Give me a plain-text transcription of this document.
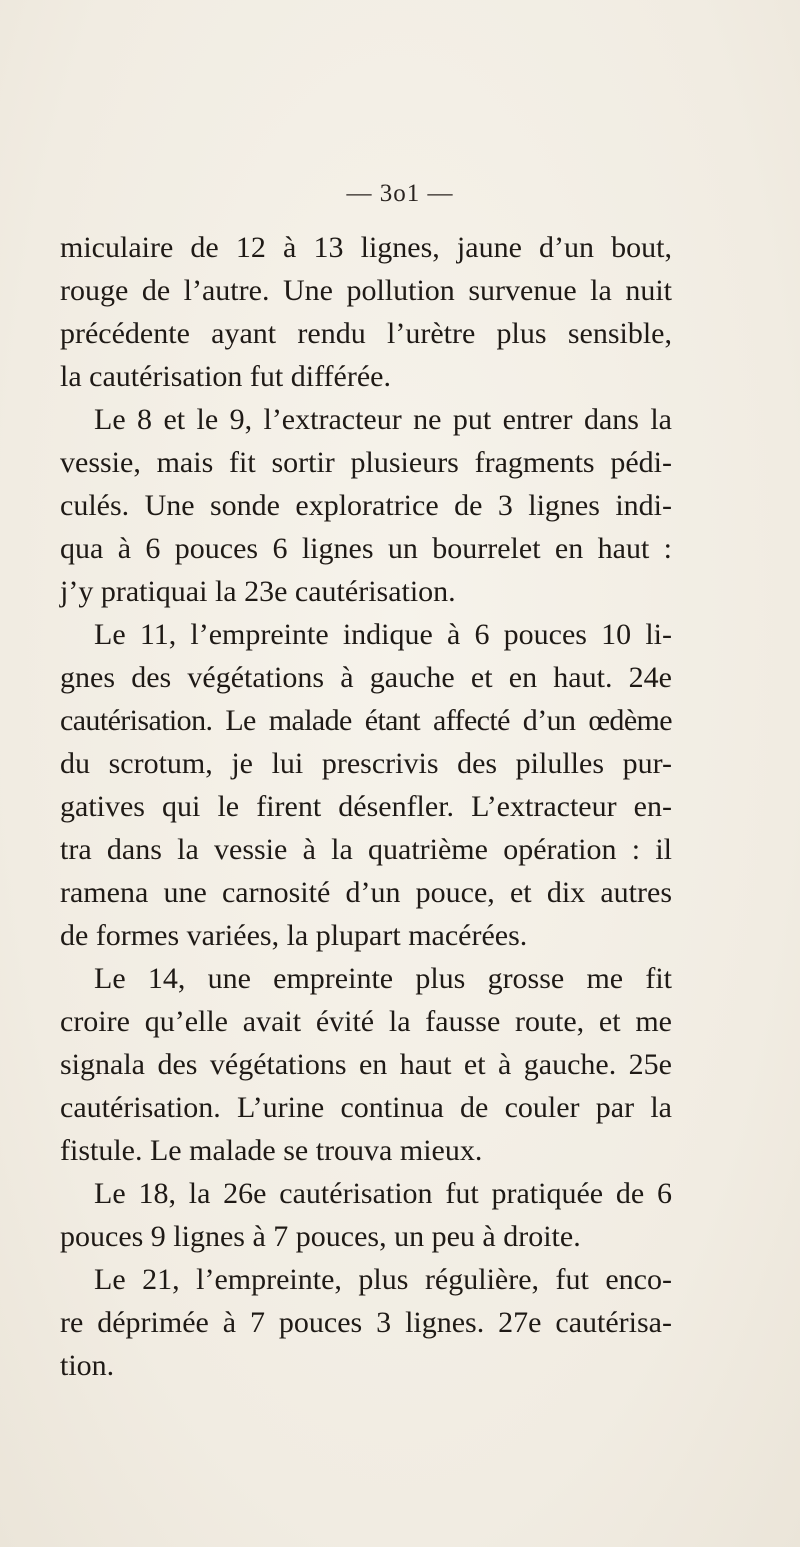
— 3o1 —
miculaire de 12 à 13 lignes, jaune d’un bout,
rouge de l’autre. Une pollution survenue la nuit
précédente ayant rendu l’urètre plus sensible,
la cautérisation fut différée.
Le 8 et le 9, l’extracteur ne put entrer dans la
vessie, mais fit sortir plusieurs fragments pédi-
culés. Une sonde exploratrice de 3 lignes indi-
qua à 6 pouces 6 lignes un bourrelet en haut :
j’y pratiquai la 23e cautérisation.
Le 11, l’empreinte indique à 6 pouces 10 li-
gnes des végétations à gauche et en haut. 24e
cautérisation. Le malade étant affecté d’un œdème
du scrotum, je lui prescrivis des pilulles pur-
gatives qui le firent désenfler. L’extracteur en-
tra dans la vessie à la quatrième opération : il
ramena une carnosité d’un pouce, et dix autres
de formes variées, la plupart macérées.
Le 14, une empreinte plus grosse me fit
croire qu’elle avait évité la fausse route, et me
signala des végétations en haut et à gauche. 25e
cautérisation. L’urine continua de couler par la
fistule. Le malade se trouva mieux.
Le 18, la 26e cautérisation fut pratiquée de 6
pouces 9 lignes à 7 pouces, un peu à droite.
Le 21, l’empreinte, plus régulière, fut enco-
re déprimée à 7 pouces 3 lignes. 27e cautérisa-
tion.
